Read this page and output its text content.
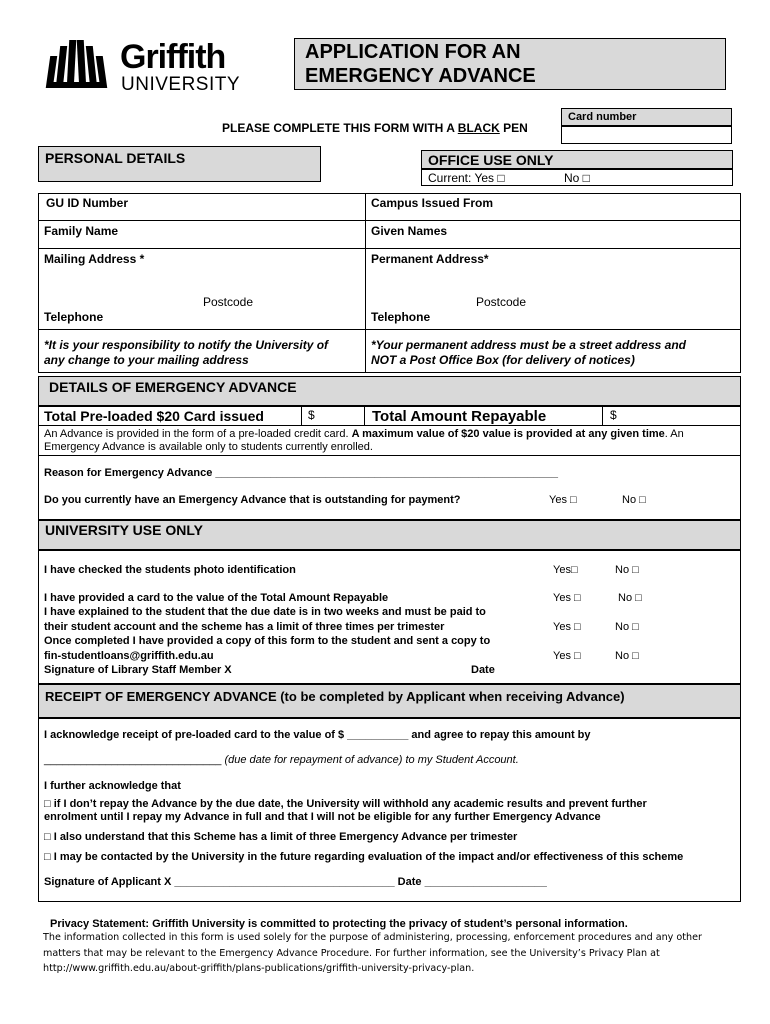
Griffith
UNIVERSITY
APPLICATION FOR AN
EMERGENCY ADVANCE
Card number
PLEASE COMPLETE THIS FORM WITH A BLACK PEN
PERSONAL DETAILS	OFFICE USE ONLY
Current: Yes □	No □
GU ID Number	Campus Issued From
Family Name	Given Names
Mailing Address *	Permanent Address*
Postcode	Postcode
Telephone	Telephone
*It is your responsibility to notify the University of
any change to your mailing address
*Your permanent address must be a street address and
NOT a Post Office Box (for delivery of notices)
DETAILS OF EMERGENCY ADVANCE
Total Pre-loaded $20 Card issued	$	Total Amount Repayable	$
An Advance is provided in the form of a pre-loaded credit card. A maximum value of $20 value is provided at any given time. An
Emergency Advance is available only to students currently enrolled.
Reason for Emergency Advance ________________________________________________________
Do you currently have an Emergency Advance that is outstanding for payment?	Yes □	No □
UNIVERSITY USE ONLY
I have checked the students photo identification	Yes□	No □
I have provided a card to the value of the Total Amount Repayable	Yes □	No □
I have explained to the student that the due date is in two weeks and must be paid to
their student account and the scheme has a limit of three times per trimester	Yes □	No □
Once completed I have provided a copy of this form to the student and sent a copy to
fin-studentloans@griffith.edu.au	Yes □	No □
Signature of Library Staff Member X	Date
RECEIPT OF EMERGENCY ADVANCE (to be completed by Applicant when receiving Advance)
I acknowledge receipt of pre-loaded card to the value of $ __________ and agree to repay this amount by
_____________________________ (due date for repayment of advance) to my Student Account.
I further acknowledge that
□ if I don’t repay the Advance by the due date, the University will withhold any academic results and prevent further
enrolment until I repay my Advance in full and that I will not be eligible for any further Emergency Advance
□ I also understand that this Scheme has a limit of three Emergency Advance per trimester
□ I may be contacted by the University in the future regarding evaluation of the impact and/or effectiveness of this scheme
Signature of Applicant X ____________________________________ Date ____________________
Privacy Statement: Griffith University is committed to protecting the privacy of student’s personal information.
The information collected in this form is used solely for the purpose of administering, processing, enforcement procedures and any other
matters that may be relevant to the Emergency Advance Procedure. For further information, see the University’s Privacy Plan at
http://www.griffith.edu.au/about-griffith/plans-publications/griffith-university-privacy-plan.
